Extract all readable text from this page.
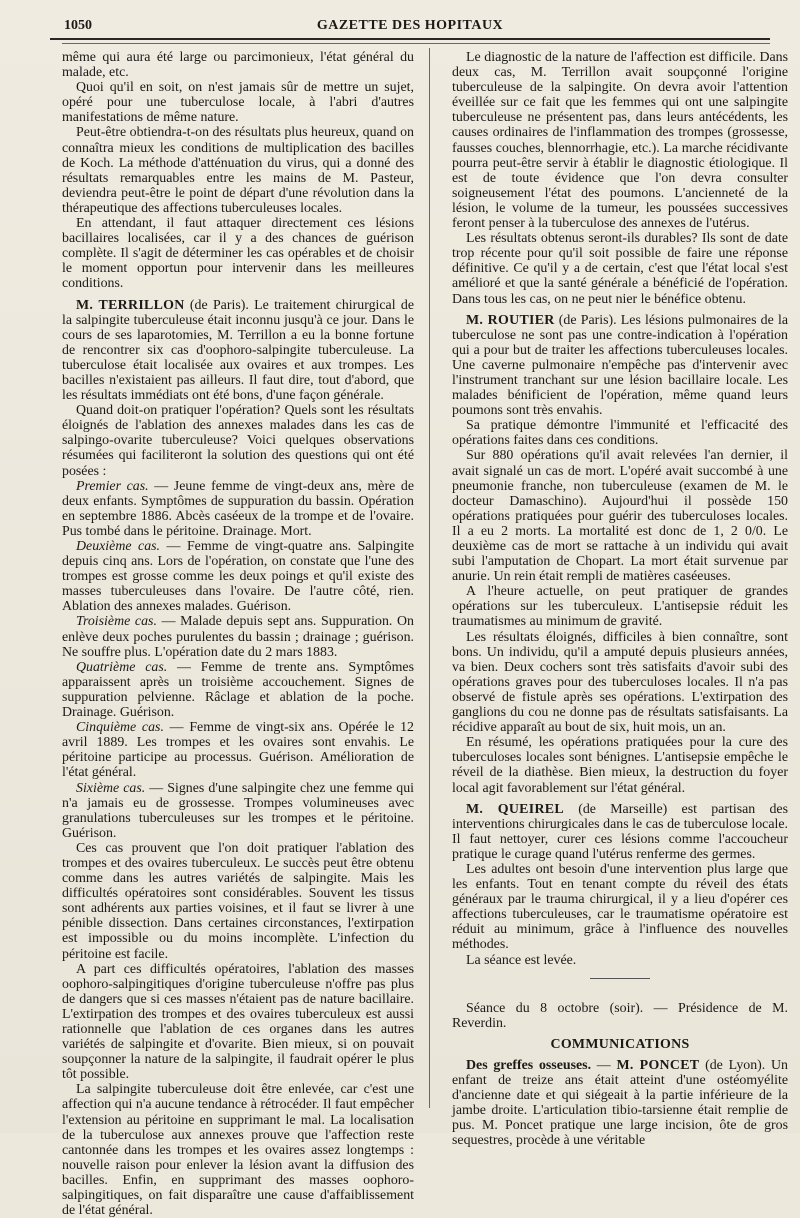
1050	GAZETTE DES HOPITAUX

même qui aura été large ou parcimonieux, l'état général du malade, etc.

Quoi qu'il en soit, on n'est jamais sûr de mettre un sujet, opéré pour une tuberculose locale, à l'abri d'autres manifestations de même nature.

Peut-être obtiendra-t-on des résultats plus heureux, quand on connaîtra mieux les conditions de multiplication des bacilles de Koch. La méthode d'atténuation du virus, qui a donné des résultats remarquables entre les mains de M. Pasteur, deviendra peut-être le point de départ d'une révolution dans la thérapeutique des affections tuberculeuses locales.

En attendant, il faut attaquer directement ces lésions bacillaires localisées, car il y a des chances de guérison complète. Il s'agit de déterminer les cas opérables et de choisir le moment opportun pour intervenir dans les meilleures conditions.

M. TERRILLON (de Paris). Le traitement chirurgical de la salpingite tuberculeuse était inconnu jusqu'à ce jour. Dans le cours de ses laparotomies, M. Terrillon a eu la bonne fortune de rencontrer six cas d'oophoro-salpingite tuberculeuse. La tuberculose était localisée aux ovaires et aux trompes. Les bacilles n'existaient pas ailleurs. Il faut dire, tout d'abord, que les résultats immédiats ont été bons, d'une façon générale.

Quand doit-on pratiquer l'opération? Quels sont les résultats éloignés de l'ablation des annexes malades dans les cas de salpingo-ovarite tuberculeuse? Voici quelques observations résumées qui faciliteront la solution des questions qui ont été posées :

Premier cas. — Jeune femme de vingt-deux ans, mère de deux enfants. Symptômes de suppuration du bassin. Opération en septembre 1886. Abcès caséeux de la trompe et de l'ovaire. Pus tombé dans le péritoine. Drainage. Mort.

Deuxième cas. — Femme de vingt-quatre ans. Salpingite depuis cinq ans. Lors de l'opération, on constate que l'une des trompes est grosse comme les deux poings et qu'il existe des masses tuberculeuses dans l'ovaire. De l'autre côté, rien. Ablation des annexes malades. Guérison.

Troisième cas. — Malade depuis sept ans. Suppuration. On enlève deux poches purulentes du bassin ; drainage ; guérison. Ne souffre plus. L'opération date du 2 mars 1883.

Quatrième cas. — Femme de trente ans. Symptômes apparaissent après un troisième accouchement. Signes de suppuration pelvienne. Râclage et ablation de la poche. Drainage. Guérison.

Cinquième cas. — Femme de vingt-six ans. Opérée le 12 avril 1889. Les trompes et les ovaires sont envahis. Le péritoine participe au processus. Guérison. Amélioration de l'état général.

Sixième cas. — Signes d'une salpingite chez une femme qui n'a jamais eu de grossesse. Trompes volumineuses avec granulations tuberculeuses sur les trompes et le péritoine. Guérison.

Ces cas prouvent que l'on doit pratiquer l'ablation des trompes et des ovaires tuberculeux. Le succès peut être obtenu comme dans les autres variétés de salpingite. Mais les difficultés opératoires sont considérables. Souvent les tissus sont adhérents aux parties voisines, et il faut se livrer à une pénible dissection. Dans certaines circonstances, l'extirpation est impossible ou du moins incomplète. L'infection du péritoine est facile.

A part ces difficultés opératoires, l'ablation des masses oophoro-salpingitiques d'origine tuberculeuse n'offre pas plus de dangers que si ces masses n'étaient pas de nature bacillaire. L'extirpation des trompes et des ovaires tuberculeux est aussi rationnelle que l'ablation de ces organes dans les autres variétés de salpingite et d'ovarite. Bien mieux, si on pouvait soupçonner la nature de la salpingite, il faudrait opérer le plus tôt possible.

La salpingite tuberculeuse doit être enlevée, car c'est une affection qui n'a aucune tendance à rétrocéder. Il faut empêcher l'extension au péritoine en supprimant le mal. La localisation de la tuberculose aux annexes prouve que l'affection reste cantonnée dans les trompes et les ovaires assez longtemps : nouvelle raison pour enlever la lésion avant la diffusion des bacilles. Enfin, en supprimant des masses oophoro-salpingitiques, on fait disparaître une cause d'affaiblissement de l'état général.

Le diagnostic de la nature de l'affection est difficile. Dans deux cas, M. Terrillon avait soupçonné l'origine tuberculeuse de la salpingite. On devra avoir l'attention éveillée sur ce fait que les femmes qui ont une salpingite tuberculeuse ne présentent pas, dans leurs antécédents, les causes ordinaires de l'inflammation des trompes (grossesse, fausses couches, blennorrhagie, etc.). La marche récidivante pourra peut-être servir à établir le diagnostic étiologique. Il est de toute évidence que l'on devra consulter soigneusement l'état des poumons. L'ancienneté de la lésion, le volume de la tumeur, les poussées successives feront penser à la tuberculose des annexes de l'utérus.

Les résultats obtenus seront-ils durables? Ils sont de date trop récente pour qu'il soit possible de faire une réponse définitive. Ce qu'il y a de certain, c'est que l'état local s'est amélioré et que la santé générale a bénéficié de l'opération. Dans tous les cas, on ne peut nier le bénéfice obtenu.

M. ROUTIER (de Paris). Les lésions pulmonaires de la tuberculose ne sont pas une contre-indication à l'opération qui a pour but de traiter les affections tuberculeuses locales. Une caverne pulmonaire n'empêche pas d'intervenir avec l'instrument tranchant sur une lésion bacillaire locale. Les malades bénificient de l'opération, même quand leurs poumons sont très envahis.

Sa pratique démontre l'immunité et l'efficacité des opérations faites dans ces conditions.

Sur 880 opérations qu'il avait relevées l'an dernier, il avait signalé un cas de mort. L'opéré avait succombé à une pneumonie franche, non tuberculeuse (examen de M. le docteur Damaschino). Aujourd'hui il possède 150 opérations pratiquées pour guérir des tuberculoses locales. Il a eu 2 morts. La mortalité est donc de 1, 2 0/0. Le deuxième cas de mort se rattache à un individu qui avait subi l'amputation de Chopart. La mort était survenue par anurie. Un rein était rempli de matières caséeuses.

A l'heure actuelle, on peut pratiquer de grandes opérations sur les tuberculeux. L'antisepsie réduit les traumatismes au minimum de gravité.

Les résultats éloignés, difficiles à bien connaître, sont bons. Un individu, qu'il a amputé depuis plusieurs années, va bien. Deux cochers sont très satisfaits d'avoir subi des opérations graves pour des tuberculoses locales. Il n'a pas observé de fistule après ses opérations. L'extirpation des ganglions du cou ne donne pas de résultats satisfaisants. La récidive apparaît au bout de six, huit mois, un an.

En résumé, les opérations pratiquées pour la cure des tuberculoses locales sont bénignes. L'antisepsie empêche le réveil de la diathèse. Bien mieux, la destruction du foyer local agit favorablement sur l'état général.

M. QUEIREL (de Marseille) est partisan des interventions chirurgicales dans le cas de tuberculose locale. Il faut nettoyer, curer ces lésions comme l'accoucheur pratique le curage quand l'utérus renferme des germes.

Les adultes ont besoin d'une intervention plus large que les enfants. Tout en tenant compte du réveil des états généraux par le trauma chirurgical, il y a lieu d'opérer ces affections tuberculeuses, car le traumatisme opératoire est réduit au minimum, grâce à l'influence des nouvelles méthodes.

La séance est levée.

Séance du 8 octobre (soir). — Présidence de M. Reverdin.

COMMUNICATIONS

Des greffes osseuses. — M. PONCET (de Lyon). Un enfant de treize ans était atteint d'une ostéomyélite d'ancienne date et qui siégeait à la partie inférieure de la jambe droite. L'articulation tibio-tarsienne était remplie de pus. M. Poncet pratique une large incision, ôte de gros sequestres, procède à une véritable
